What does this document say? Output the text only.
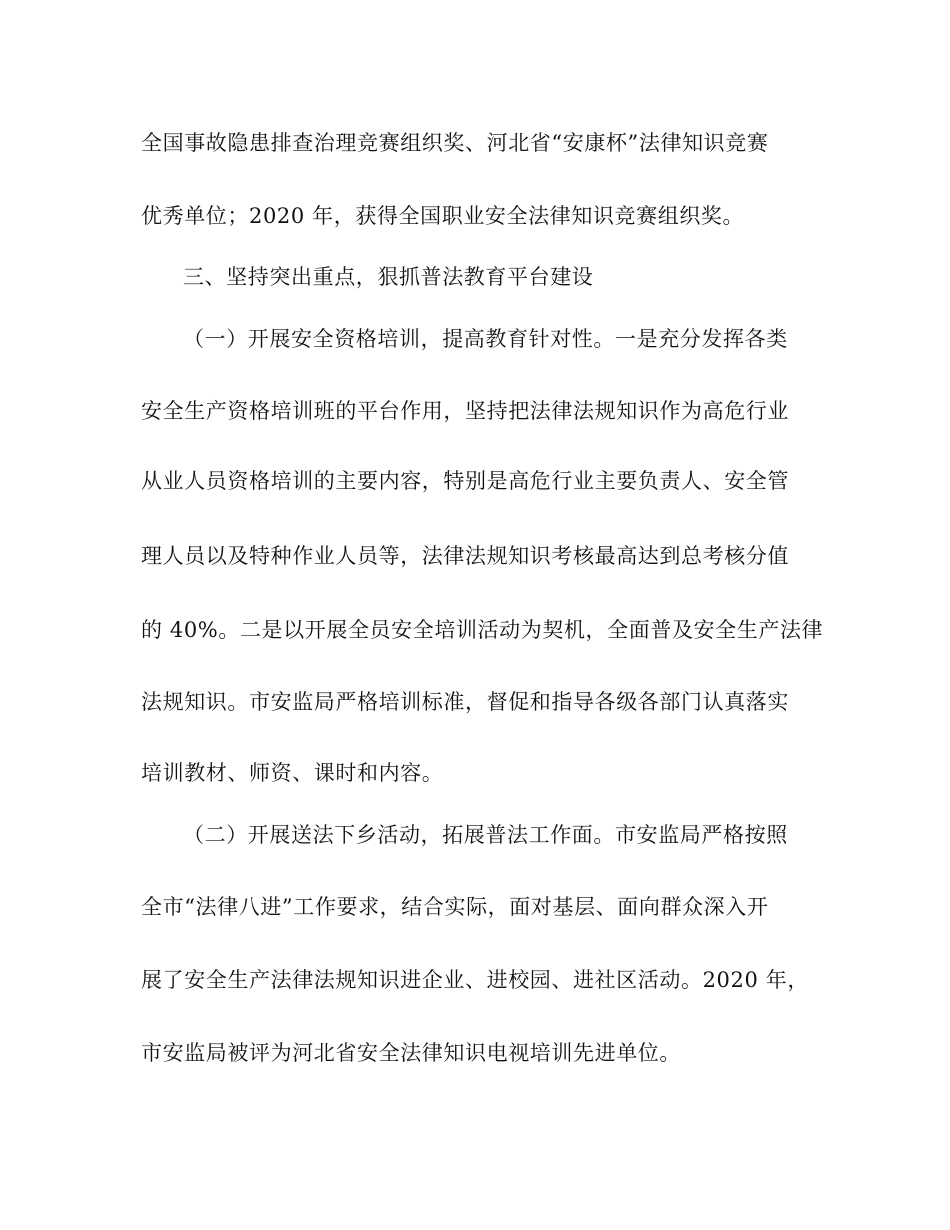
全国事故隐患排查治理竞赛组织奖、河北省“安康杯”法律知识竞赛
优秀单位；2020 年，获得全国职业安全法律知识竞赛组织奖。
三、坚持突出重点，狠抓普法教育平台建设
（一）开展安全资格培训，提高教育针对性。一是充分发挥各类
安全生产资格培训班的平台作用，坚持把法律法规知识作为高危行业
从业人员资格培训的主要内容，特别是高危行业主要负责人、安全管
理人员以及特种作业人员等，法律法规知识考核最高达到总考核分值
的 40%。二是以开展全员安全培训活动为契机，全面普及安全生产法律
法规知识。市安监局严格培训标准，督促和指导各级各部门认真落实
培训教材、师资、课时和内容。
（二）开展送法下乡活动，拓展普法工作面。市安监局严格按照
全市“法律八进”工作要求，结合实际，面对基层、面向群众深入开
展了安全生产法律法规知识进企业、进校园、进社区活动。2020 年，
市安监局被评为河北省安全法律知识电视培训先进单位。
